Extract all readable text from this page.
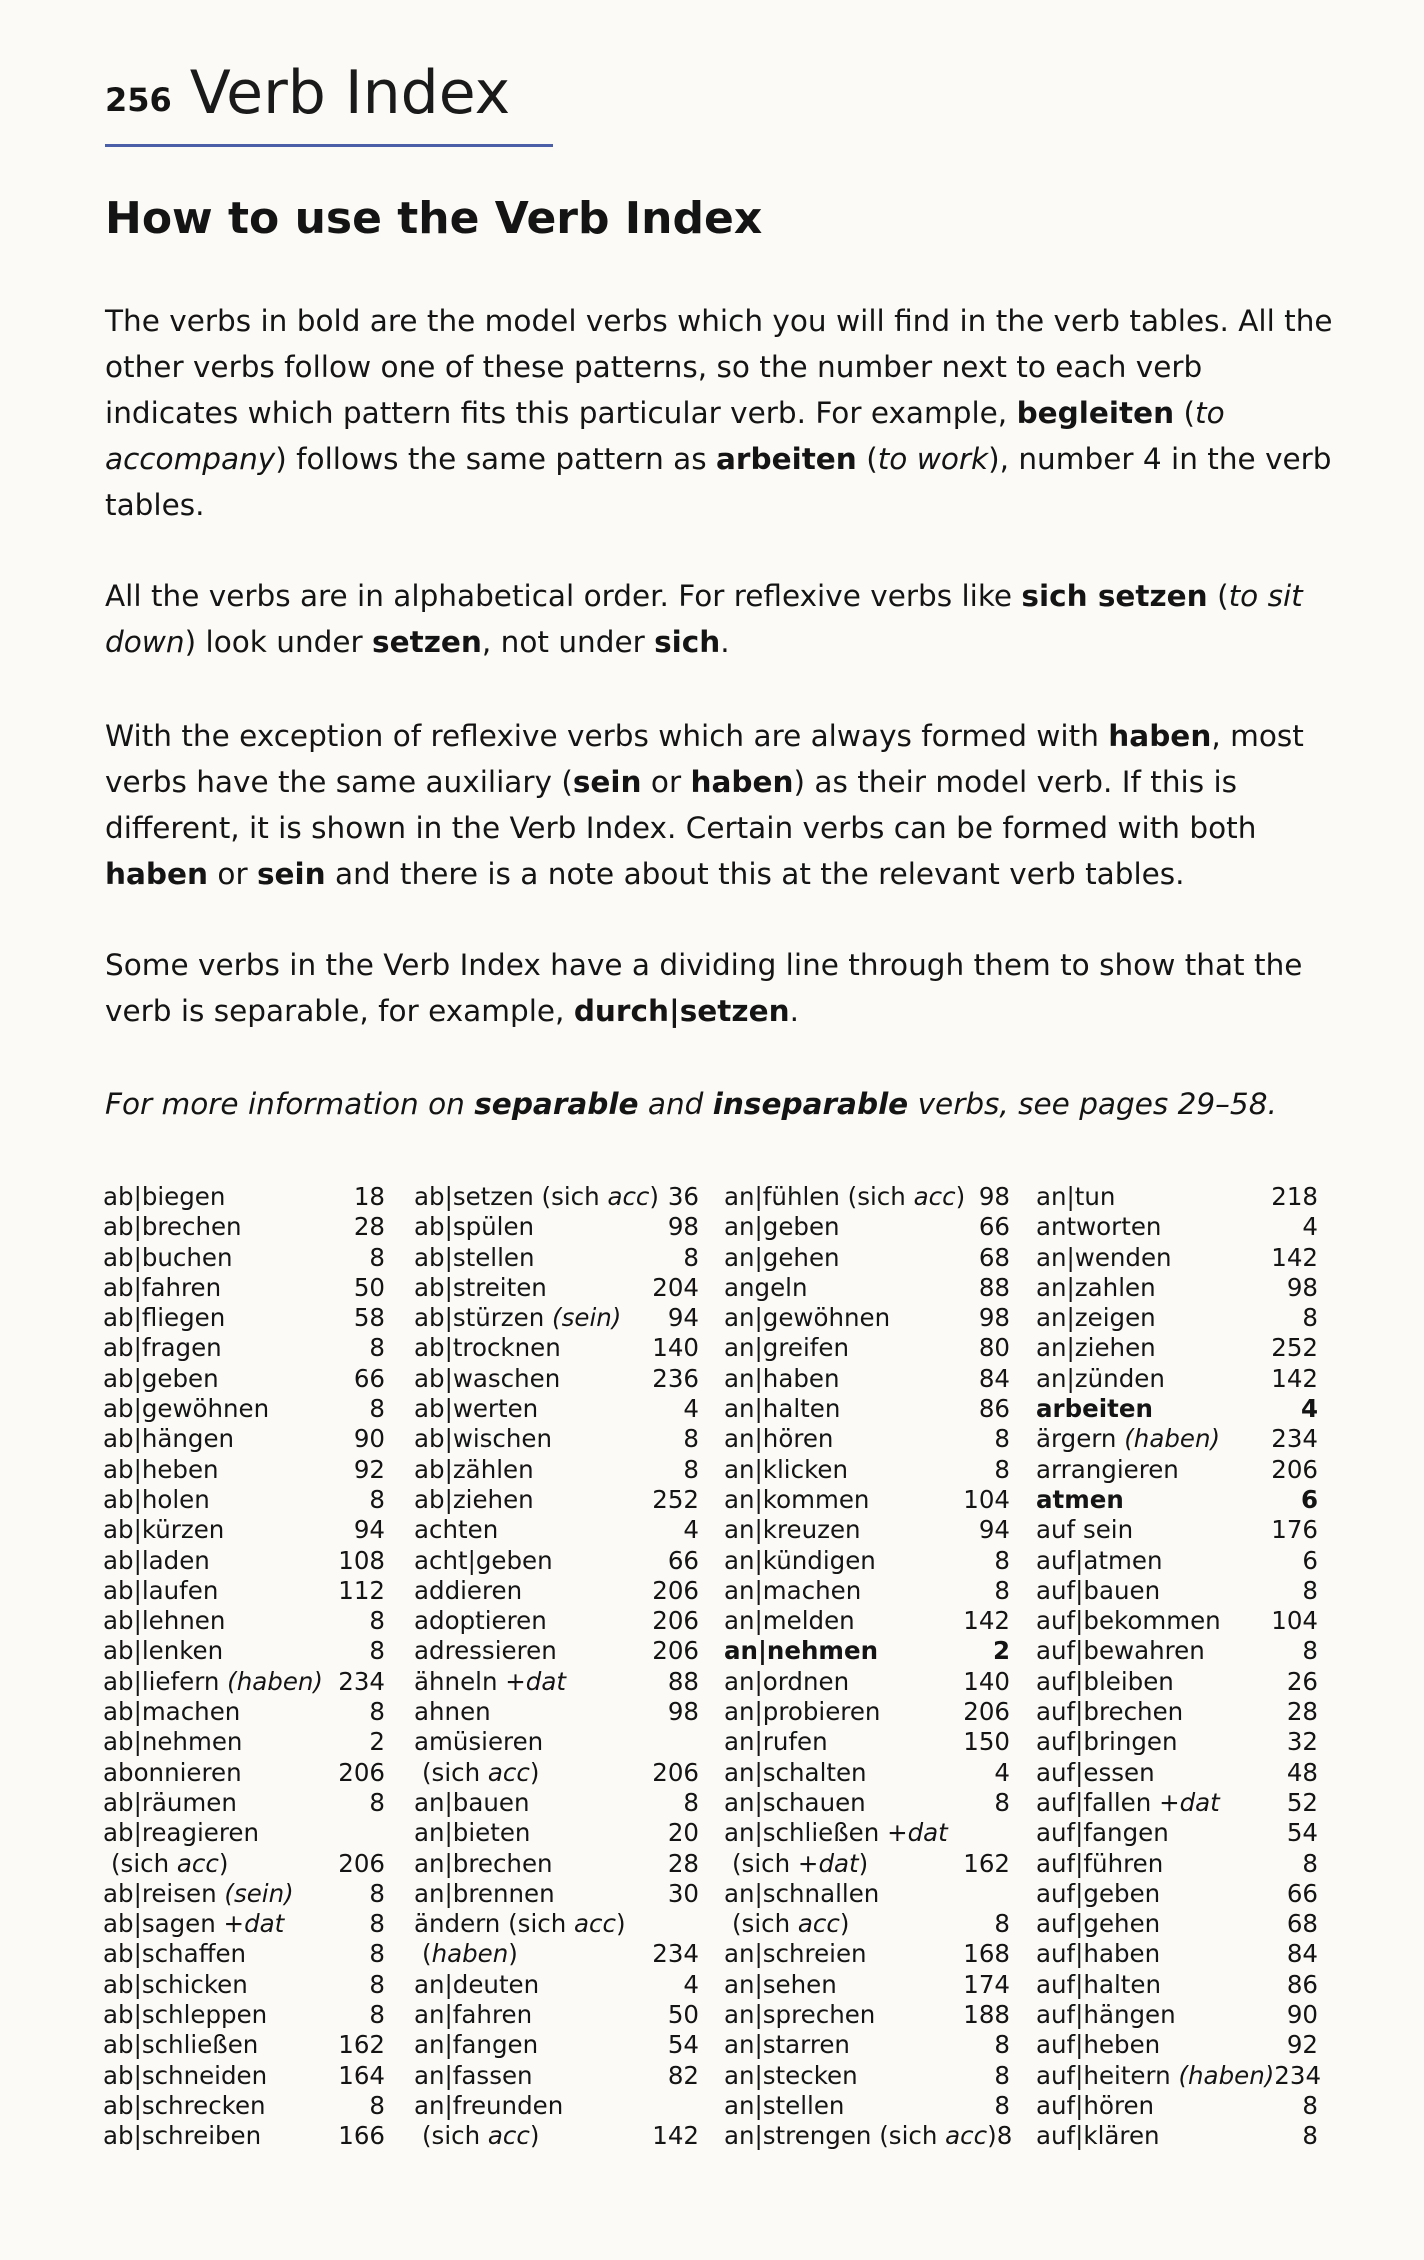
256 Verb Index
How to use the Verb Index

The verbs in bold are the model verbs which you will find in the verb tables. All the other verbs follow one of these patterns, so the number next to each verb indicates which pattern fits this particular verb. For example, begleiten (to accompany) follows the same pattern as arbeiten (to work), number 4 in the verb tables.

All the verbs are in alphabetical order. For reflexive verbs like sich setzen (to sit down) look under setzen, not under sich.

With the exception of reflexive verbs which are always formed with haben, most verbs have the same auxiliary (sein or haben) as their model verb. If this is different, it is shown in the Verb Index. Certain verbs can be formed with both haben or sein and there is a note about this at the relevant verb tables.

Some verbs in the Verb Index have a dividing line through them to show that the verb is separable, for example, durch|setzen.

For more information on separable and inseparable verbs, see pages 29–58.

ab|biegen	18
ab|brechen	28
ab|buchen	8
ab|fahren	50
ab|fliegen	58
ab|fragen	8
ab|geben	66
ab|gewöhnen	8
ab|hängen	90
ab|heben	92
ab|holen	8
ab|kürzen	94
ab|laden	108
ab|laufen	112
ab|lehnen	8
ab|lenken	8
ab|liefern (haben) 234
ab|machen	8
ab|nehmen	2
abonnieren	206
ab|räumen	8
ab|reagieren
(sich acc)	206
ab|reisen (sein)	8
ab|sagen +dat	8
ab|schaffen	8
ab|schicken	8
ab|schleppen	8
ab|schließen	162
ab|schneiden	164
ab|schrecken	8
ab|schreiben	166
ab|setzen (sich acc) 36
ab|spülen	98
ab|stellen	8
ab|streiten	204
ab|stürzen (sein) 94
ab|trocknen	140
ab|waschen	236
ab|werten	4
ab|wischen	8
ab|zählen	8
ab|ziehen	252
achten	4
acht|geben	66
addieren	206
adoptieren	206
adressieren	206
ähneln +dat	88
ahnen	98
amüsieren
(sich acc)	206
an|bauen	8
an|bieten	20
an|brechen	28
an|brennen	30
ändern (sich acc)
(haben)	234
an|deuten	4
an|fahren	50
an|fangen	54
an|fassen	82
an|freunden
(sich acc)	142
an|fühlen (sich acc) 98
an|geben	66
an|gehen	68
angeln	88
an|gewöhnen	98
an|greifen	80
an|haben	84
an|halten	86
an|hören	8
an|klicken	8
an|kommen	104
an|kreuzen	94
an|kündigen	8
an|machen	8
an|melden	142
an|nehmen	2
an|ordnen	140
an|probieren	206
an|rufen	150
an|schalten	4
an|schauen	8
an|schließen +dat
(sich +dat)	162
an|schnallen
(sich acc)	8
an|schreien	168
an|sehen	174
an|sprechen	188
an|starren	8
an|stecken	8
an|stellen	8
an|strengen (sich acc) 8
an|tun	218
antworten	4
an|wenden	142
an|zahlen	98
an|zeigen	8
an|ziehen	252
an|zünden	142
arbeiten	4
ärgern (haben) 234
arrangieren	206
atmen	6
auf sein	176
auf|atmen	6
auf|bauen	8
auf|bekommen 104
auf|bewahren	8
auf|bleiben	26
auf|brechen	28
auf|bringen	32
auf|essen	48
auf|fallen +dat	52
auf|fangen	54
auf|führen	8
auf|geben	66
auf|gehen	68
auf|haben	84
auf|halten	86
auf|hängen	90
auf|heben	92
auf|heitern (haben) 234
auf|hören	8
auf|klären	8
